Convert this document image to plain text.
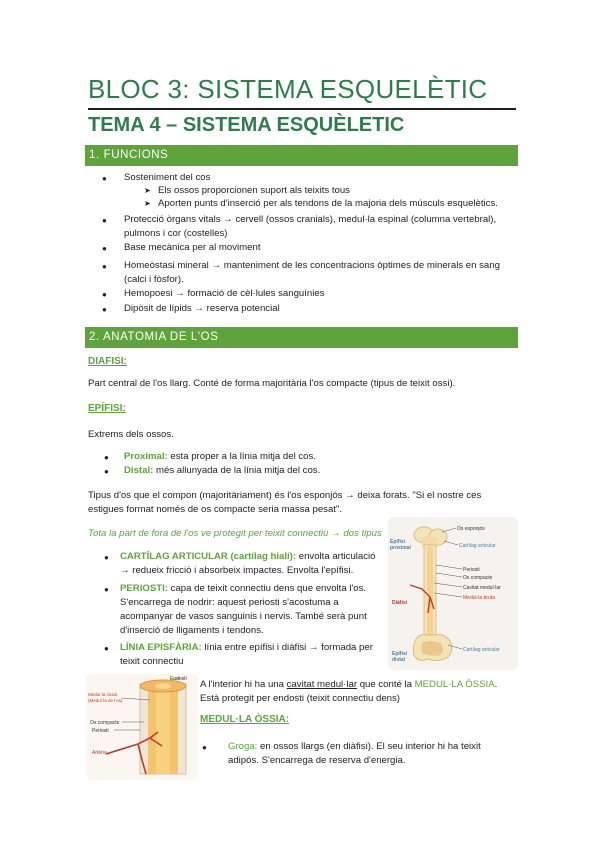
BLOC 3: SISTEMA ESQUELÈTIC
TEMA 4 – SISTEMA ESQUÈLETIC
1. FUNCIONS
● Sosteniment del cos
➤ Els ossos proporcionen suport als teixits tous
➤ Aporten punts d'inserció per als tendons de la majoria dels músculs esquelètics.
● Protecció òrgans vitals → cervell (ossos cranials), medul·la espinal (columna vertebral),
pulmons i cor (costelles)
● Base mecànica per al moviment
● Homeòstasi mineral → manteniment de les concentracions òptimes de minerals en sang
(calci i fòsfor).
● Hemopoesi → formació de cèl·lules sanguínies
● Dipòsit de lípids → reserva potencial
2. ANATOMIA DE L'OS
DIAFISI:
Part central de l'os llarg. Conté de forma majoritària l'os compacte (tipus de teixit ossi).
EPÍFISI:
Extrems dels ossos.
● Proximal: esta proper a la línia mitja del cos.
● Distal: més allunyada de la línia mitja del cos.
Tipus d'os que el compon (majoritàriament) és l'os esponjós → deixa forats. "Si el nostre ces
estigues format només de os compacte seria massa pesat".
Tota la part de fora de l'os ve protegit per teixit connectiu → dos tipus
● CARTÍLAG ARTICULAR (cartílag hialí): envolta articulació
→ redueix fricció i absorbeix impactes. Envolta l'epífisi.
● PERIOSTI: capa de teixit connectiu dens que envolta l'os.
S'encarrega de nodrir: aquest periosti s'acostuma a
acompanyar de vasos sanguinis i nervis. També serà punt
d'inserció de lligaments i tendons.
● LÍNIA EPISFÀRIA: línia entre epífisi i diàfisi → formada per
teixit connectiu
Os esponjós
Cartílag articular
Epífisi
proximal
Periosti
Os compacte
Cavitat medul·lar
Medul·la bruta
Diàfisi
Cartílag articular
Epífisi
distal
Endosti
Medul·la òssia
(Medul·la de l'os)
Os compacte
Periosti
Artèria
A l'interior hi ha una cavitat medul·lar que conté la MEDUL·LA ÒSSIA.
Està protegit per endosti (teixit connectiu dens)
MEDUL·LA ÒSSIA:
● Groga: en ossos llargs (en diàfisi). El seu interior hi ha teixit
adipós. S'encarrega de reserva d'energia.
